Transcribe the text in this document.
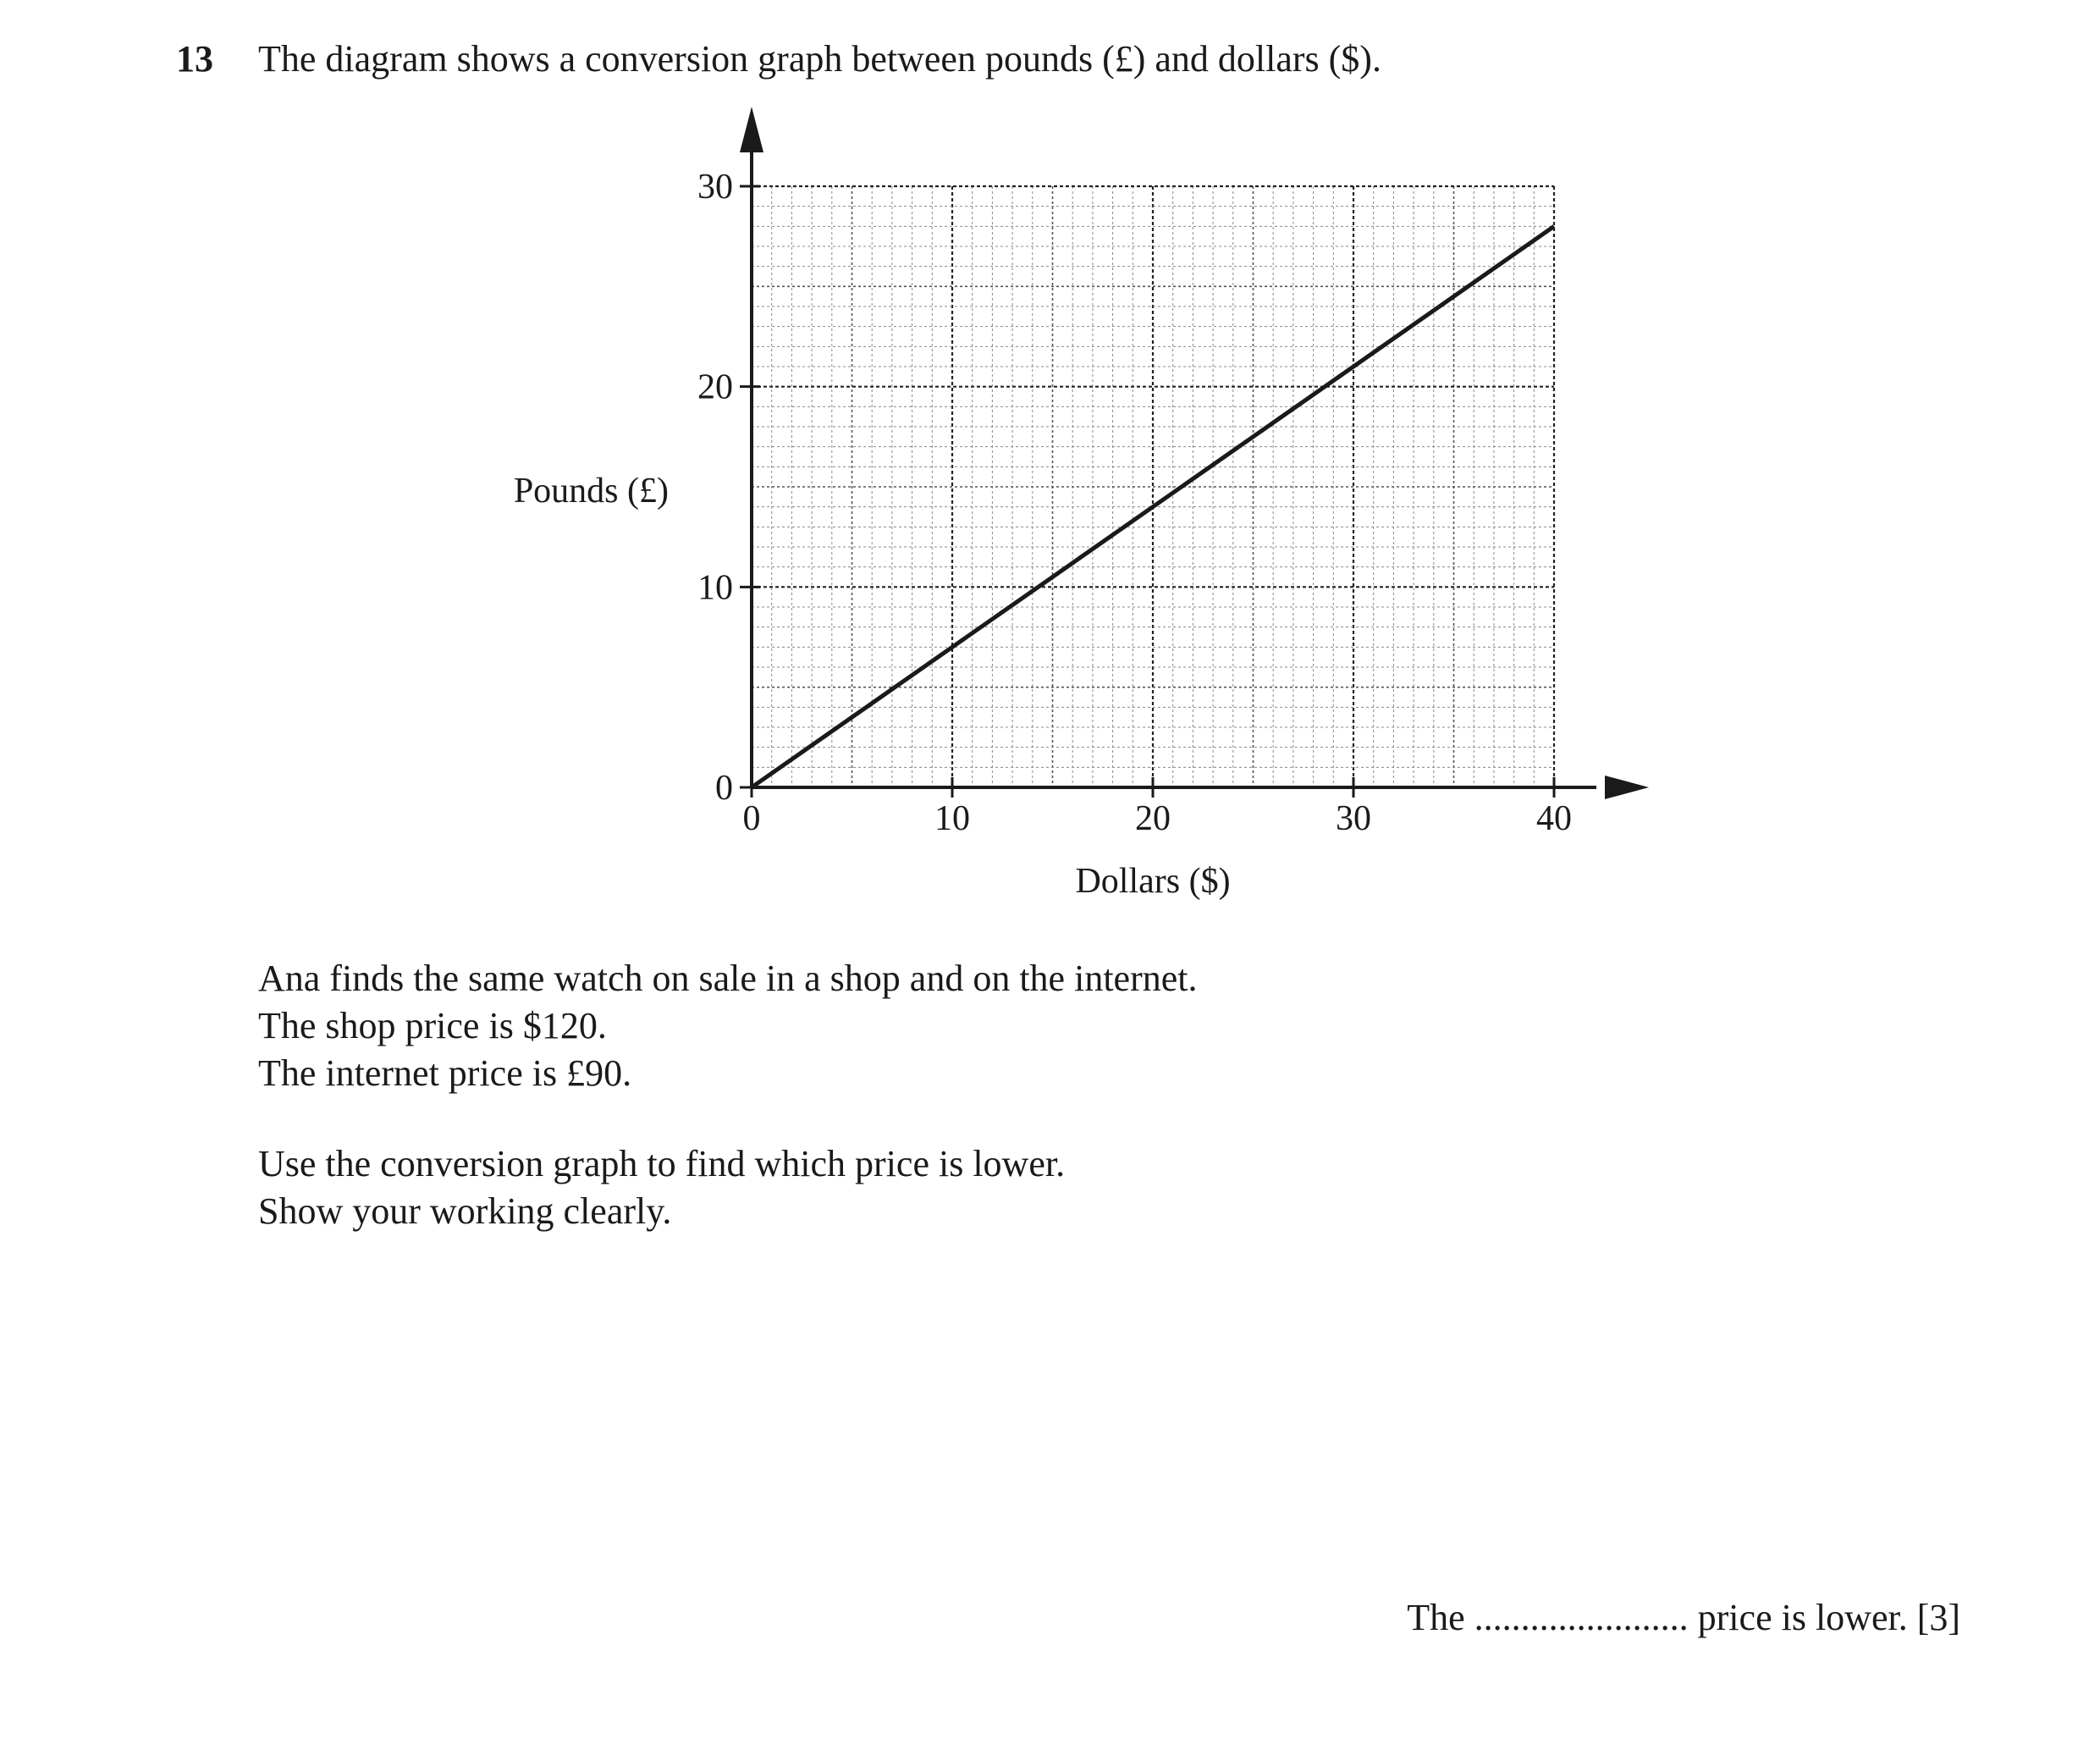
13 The diagram shows a conversion graph between pounds (£) and dollars ($).
0	10	20	30	40
0
10
20
30
Dollars ($)
Pounds (£)
Ana finds the same watch on sale in a shop and on the internet.
The shop price is $120.
The internet price is £90.
Use the conversion graph to find which price is lower.
Show your working clearly.
The ....................... price is lower. [3]
